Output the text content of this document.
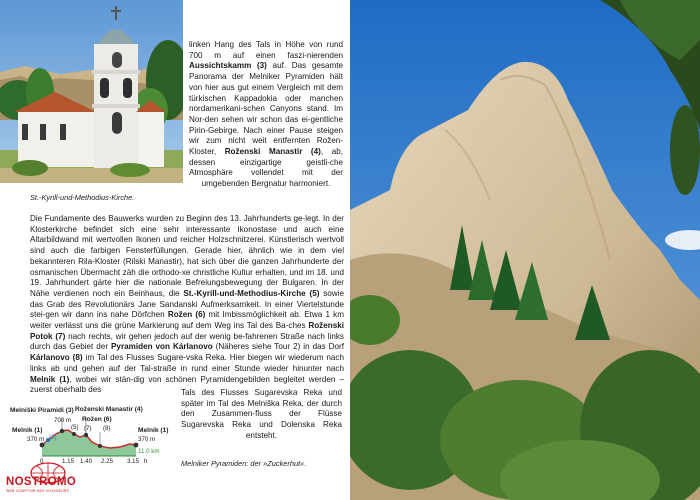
St.-Kyrill-und-Methodius-Kirche.

linken Hang des Tals in Höhe von rund 700 m auf einen faszi-nierenden Aussichtskamm (3) auf. Das gesamte Panorama der Melniker Pyramiden hält von hier aus gut einem Vergleich mit dem türkischen Kappadokia oder manchen nordamerikani-schen Canyons stand. Im Nor-den sehen wir schon das ei-gentliche Pirin-Gebirge. Nach einer Pause steigen wir zum nicht weit entfernten Rožen-Kloster, Roženski Manastir (4), ab, dessen einzigartige geistli-che Atmosphäre vollendet mit der umgebenden Bergnatur harmoniert.

Die Fundamente des Bauwerks wurden zu Beginn des 13. Jahrhunderts ge-legt. In der Klosterkirche befindet sich eine sehr interessante Ikonostase und auch eine Altarbildwand mit wertvollen Ikonen und reicher Holzschnitzerei. Künstlerisch wertvoll sind auch die farbigen Fensterfüllungen. Gerade hier, ähnlich wie in dem viel bekannteren Rila-Kloster (Rilski Manastir), hat sich über die ganzen Jahrhunderte der osmanischen Übermacht zäh die orthodo-xe christliche Kultur erhalten, und im 18. und 19. Jahrhundert gärte hier die nationale Befreiungsbewegung der Bulgaren. In der Nähe verdienen noch ein Beinhaus, die St.-Kyrill-und-Methodius-Kirche (5) sowie das Grab des Revolutionärs Jane Sandanski Aufmerksamkeit. In einer Viertelstunde stei-gen wir dann ins nahe Dörfchen Rožen (6) mit Imbissmöglichkeit ab. Etwa 1 km weiter verlässt uns die grüne Markierung auf dem Weg ins Tal des Ba-ches Roženski Potok (7) nach rechts, wir gehen jedoch auf der wenig be-fahrenen Straße nach links durch das Gebiet der Pyramiden von Kárlanovo (Näheres siehe Tour 2) in das Dorf Kárlanovo (8) im Tal des Flusses Sugare-vska Reka. Hier biegen wir wiederum nach links ab und gehen auf der Tal-straße in rund einer Stunde wieder hinunter nach Melnik (1), wobei wir stän-dig von schönen Pyramidengebilden begleitet werden – zuerst oberhalb des

Melniški Piramidi (3)
700 m
Roženski Manastir (4)
Rožen (6)
Melnik (1)
370 m
Melnik (1)
370 m
(2)
(5) (7) (8)
0	1.15 1.40 2.25 3.15 h
11.0 km

Tals des Flusses Sugarevska Reka und später im Tal des Melniška Reka, der durch den Zusammen-fluss der Flüsse Sugarevska Reka und Dolenska Reka entsteht.

Melniker Pyramiden: der »Zuckerhut«.
NOSTROMO
WEB COMPTOIR DES VOYAGEURS
